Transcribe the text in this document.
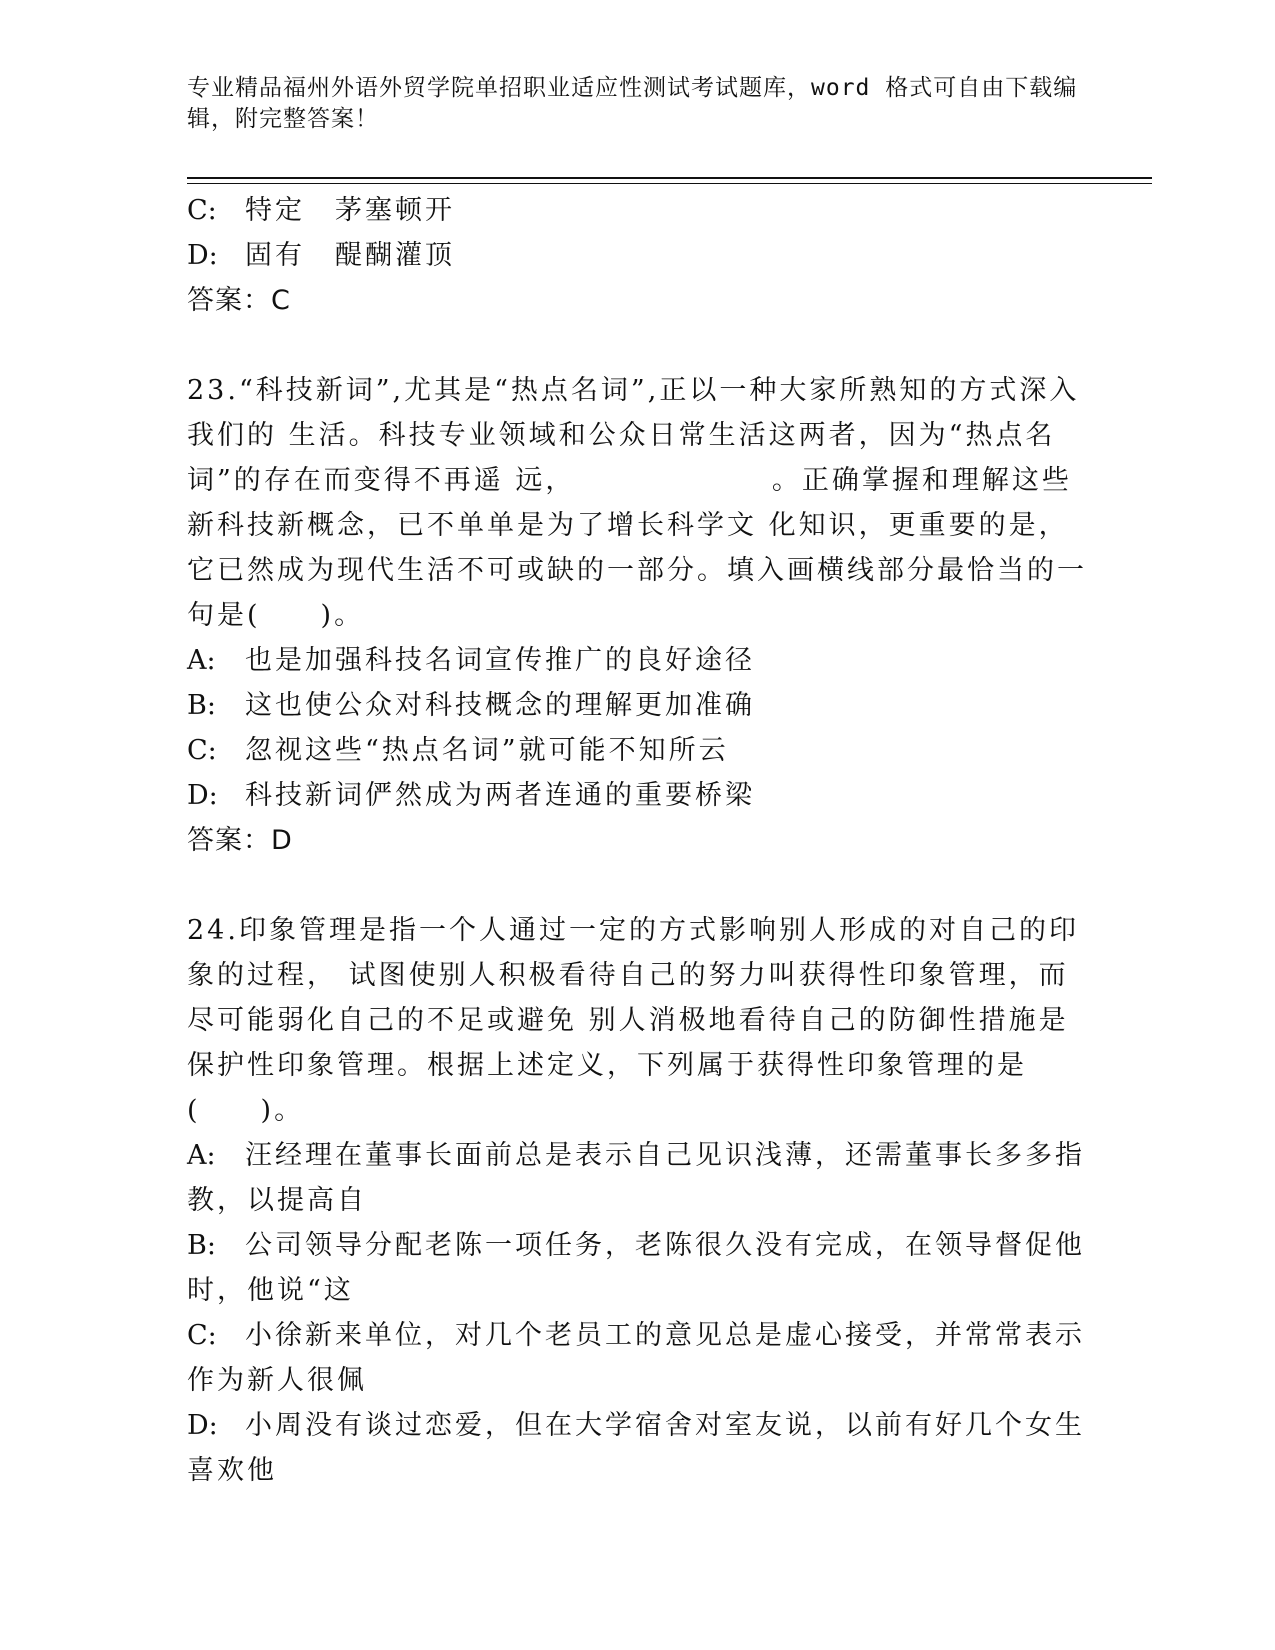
专业精品福州外语外贸学院单招职业适应性测试考试题库，word 格式可自由下载编辑，附完整答案！
C: 特定　茅塞顿开
D: 固有　醍醐灌顶
答案：C
23.“科技新词”,尤其是“热点名词”,正以一种大家所熟知的方式深入我们的 生活。科技专业领域和公众日常生活这两者，因为“热点名词”的存在而变得不再遥 远，　　　　　　　。正确掌握和理解这些新科技新概念，已不单单是为了增长科学文 化知识，更重要的是，它已然成为现代生活不可或缺的一部分。填入画横线部分最恰当的一句是(　　)。
A: 也是加强科技名词宣传推广的良好途径
B: 这也使公众对科技概念的理解更加准确
C: 忽视这些“热点名词”就可能不知所云
D: 科技新词俨然成为两者连通的重要桥梁
答案：D
24.印象管理是指一个人通过一定的方式影响别人形成的对自己的印象的过程， 试图使别人积极看待自己的努力叫获得性印象管理，而尽可能弱化自己的不足或避免 别人消极地看待自己的防御性措施是保护性印象管理。根据上述定义，下列属于获得性印象管理的是(　　)。
A: 汪经理在董事长面前总是表示自己见识浅薄，还需董事长多多指教，以提高自
B: 公司领导分配老陈一项任务，老陈很久没有完成，在领导督促他时，他说“这
C: 小徐新来单位，对几个老员工的意见总是虚心接受，并常常表示作为新人很佩
D: 小周没有谈过恋爱，但在大学宿舍对室友说，以前有好几个女生喜欢他
